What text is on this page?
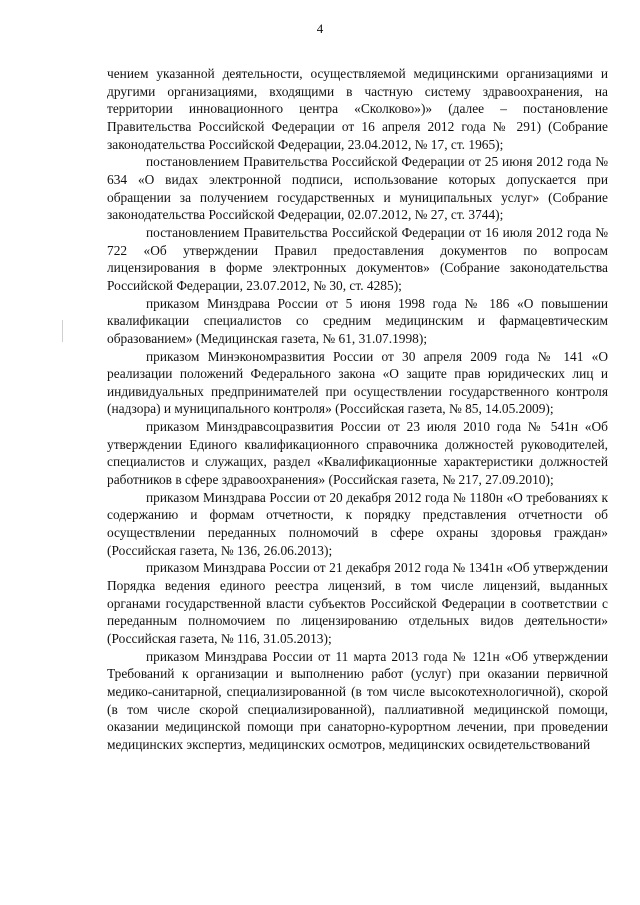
4

чением указанной деятельности, осуществляемой медицинскими организациями и другими организациями, входящими в частную систему здравоохранения, на территории инновационного центра «Сколково»)» (далее – постановление Правительства Российской Федерации от 16 апреля 2012 года № 291) (Собрание законодательства Российской Федерации, 23.04.2012, № 17, ст. 1965);

постановлением Правительства Российской Федерации от 25 июня 2012 года № 634 «О видах электронной подписи, использование которых допускается при обращении за получением государственных и муниципальных услуг» (Собрание законодательства Российской Федерации, 02.07.2012, № 27, ст. 3744);

постановлением Правительства Российской Федерации от 16 июля 2012 года № 722 «Об утверждении Правил предоставления документов по вопросам лицензирования в форме электронных документов» (Собрание законодательства Российской Федерации, 23.07.2012, № 30, ст. 4285);

приказом Минздрава России от 5 июня 1998 года № 186 «О повышении квалификации специалистов со средним медицинским и фармацевтическим образованием» (Медицинская газета, № 61, 31.07.1998);

приказом Минэкономразвития России от 30 апреля 2009 года № 141 «О реализации положений Федерального закона «О защите прав юридических лиц и индивидуальных предпринимателей при осуществлении государственного контроля (надзора) и муниципального контроля» (Российская газета, № 85, 14.05.2009);

приказом Минздравсоцразвития России от 23 июля 2010 года № 541н «Об утверждении Единого квалификационного справочника должностей руководителей, специалистов и служащих, раздел «Квалификационные характеристики должностей работников в сфере здравоохранения» (Российская газета, № 217, 27.09.2010);

приказом Минздрава России от 20 декабря 2012 года № 1180н «О требованиях к содержанию и формам отчетности, к порядку представления отчетности об осуществлении переданных полномочий в сфере охраны здоровья граждан» (Российская газета, № 136, 26.06.2013);

приказом Минздрава России от 21 декабря 2012 года № 1341н «Об утверждении Порядка ведения единого реестра лицензий, в том числе лицензий, выданных органами государственной власти субъектов Российской Федерации в соответствии с переданным полномочием по лицензированию отдельных видов деятельности» (Российская газета, № 116, 31.05.2013);

приказом Минздрава России от 11 марта 2013 года № 121н «Об утверждении Требований к организации и выполнению работ (услуг) при оказании первичной медико-санитарной, специализированной (в том числе высокотехнологичной), скорой (в том числе скорой специализированной), паллиативной медицинской помощи, оказании медицинской помощи при санаторно-курортном лечении, при проведении медицинских экспертиз, медицинских осмотров, медицинских освидетельствований
